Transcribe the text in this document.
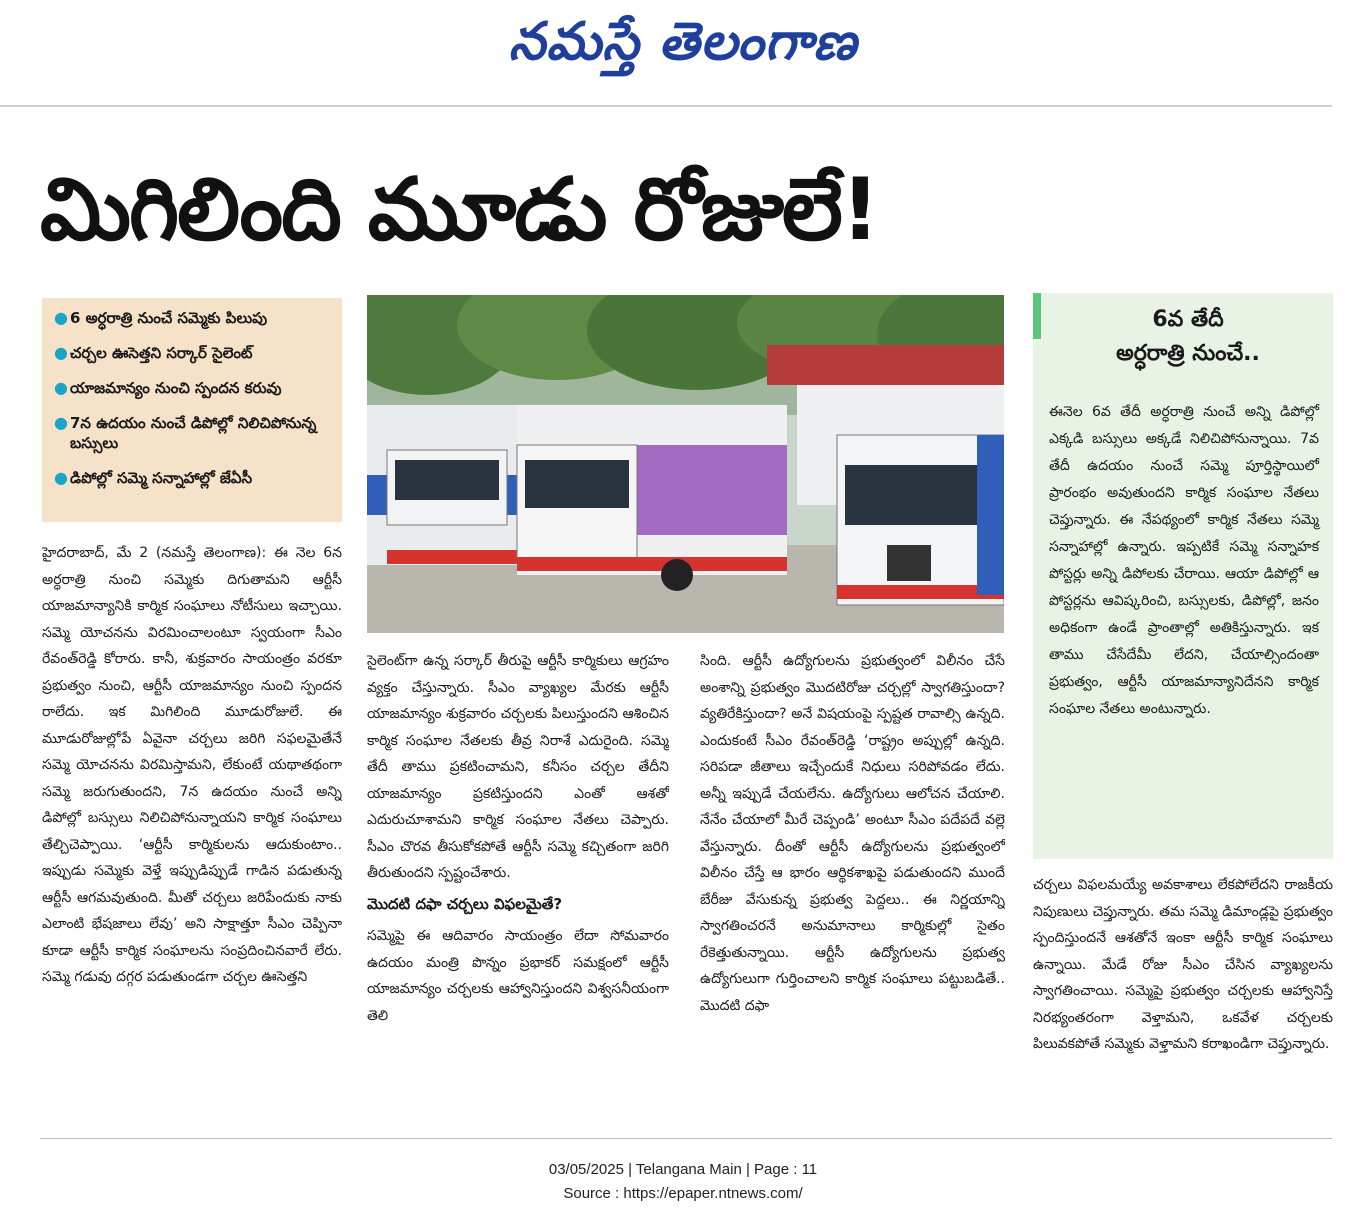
నమస్తే తెలంగాణ
మిగిలింది మూడు రోజులే!
● 6 అర్ధరాత్రి నుంచే సమ్మెకు పిలుపు
● చర్చల ఊసెత్తని సర్కార్ సైలెంట్
● యాజమాన్యం నుంచి స్పందన కరువు
● 7న ఉదయం నుంచే డిపోల్లో నిలిచిపోనున్న బస్సులు
● డిపోల్లో సమ్మె సన్నాహాల్లో జేఏసీ
6వ తేదీ
అర్ధరాత్రి నుంచే..
ఈనెల 6వ తేదీ అర్ధరాత్రి నుంచే అన్ని డిపోల్లో ఎక్కడి బస్సులు అక్కడే నిలిచిపోనున్నాయి. 7వ తేదీ ఉదయం నుంచే సమ్మె పూర్తిస్థాయిలో ప్రారంభం అవుతుందని కార్మిక సంఘాల నేతలు చెప్తున్నారు. ఈ నేపథ్యంలో కార్మిక నేతలు సమ్మె సన్నాహాల్లో ఉన్నారు. ఇప్పటికే సమ్మె సన్నాహక పోస్టర్లు అన్ని డిపోలకు చేరాయి. ఆయా డిపోల్లో ఆ పోస్టర్లను ఆవిష్కరించి, బస్సులకు, డిపోల్లో, జనం అధికంగా ఉండే ప్రాంతాల్లో అతికిస్తున్నారు. ఇక తాము చేసేదేమీ లేదని, చేయాల్సిందంతా ప్రభుత్వం, ఆర్టీసీ యాజమాన్యానిదేనని కార్మిక సంఘాల నేతలు అంటున్నారు.
హైదరాబాద్, మే 2 (నమస్తే తెలంగాణ): ఈ నెల 6న అర్ధరాత్రి నుంచి సమ్మెకు దిగుతామని ఆర్టీసీ యాజమాన్యానికి కార్మిక సంఘాలు నోటీసులు ఇచ్చాయి. సమ్మె యోచనను విరమించాలంటూ స్వయంగా సీఎం రేవంత్‌రెడ్డి కోరారు. కానీ, శుక్రవారం సాయంత్రం వరకూ ప్రభుత్వం నుంచి, ఆర్టీసీ యాజమాన్యం నుంచి స్పందన రాలేదు. ఇక మిగిలింది మూడురోజులే. ఈ మూడురోజుల్లోపే ఏవైనా చర్చలు జరిగి సఫలమైతేనే సమ్మె యోచనను విరమిస్తామని, లేకుంటే యథాతథంగా సమ్మె జరుగుతుందని, 7న ఉదయం నుంచే అన్ని డిపోల్లో బస్సులు నిలిచిపోనున్నాయని కార్మిక సంఘాలు తేల్చిచెప్పాయి. ‘ఆర్టీసీ కార్మికులను ఆదుకుంటాం.. ఇప్పుడు సమ్మెకు వెళ్తే ఇప్పుడిప్పుడే గాడిన పడుతున్న ఆర్టీసీ ఆగమవుతుంది. మీతో చర్చలు జరిపేందుకు నాకు ఎలాంటి భేషజాలు లేవు’ అని సాక్షాత్తూ సీఎం చెప్పినా కూడా ఆర్టీసీ కార్మిక సంఘాలను సంప్రదించినవారే లేరు. సమ్మె గడువు దగ్గర పడుతుండగా చర్చల ఊసెత్తని
సైలెంట్‌గా ఉన్న సర్కార్ తీరుపై ఆర్టీసీ కార్మికులు ఆగ్రహం వ్యక్తం చేస్తున్నారు. సీఎం వ్యాఖ్యల మేరకు ఆర్టీసీ యాజమాన్యం శుక్రవారం చర్చలకు పిలుస్తుందని ఆశించిన కార్మిక సంఘాల నేతలకు తీవ్ర నిరాశే ఎదురైంది. సమ్మె తేదీ తాము ప్రకటించామని, కనీసం చర్చల తేదీని యాజమాన్యం ప్రకటిస్తుందని ఎంతో ఆశతో ఎదురుచూశామని కార్మిక సంఘాల నేతలు చెప్పారు. సీఎం చొరవ తీసుకోకపోతే ఆర్టీసీ సమ్మె కచ్చితంగా జరిగి తీరుతుందని స్పష్టంచేశారు.
మొదటి దఫా చర్చలు విఫలమైతే?
సమ్మెపై ఈ ఆదివారం సాయంత్రం లేదా సోమవారం ఉదయం మంత్రి పొన్నం ప్రభాకర్ సమక్షంలో ఆర్టీసీ యాజమాన్యం చర్చలకు ఆహ్వానిస్తుందని విశ్వసనీయంగా తెలి
సింది. ఆర్టీసీ ఉద్యోగులను ప్రభుత్వంలో విలీనం చేసే అంశాన్ని ప్రభుత్వం మొదటిరోజు చర్చల్లో స్వాగతిస్తుందా? వ్యతిరేకిస్తుందా? అనే విషయంపై స్పష్టత రావాల్సి ఉన్నది. ఎందుకంటే సీఎం రేవంత్‌రెడ్డి ‘రాష్ట్రం అప్పుల్లో ఉన్నది. సరిపడా జీతాలు ఇచ్చేందుకే నిధులు సరిపోవడం లేదు. అన్నీ ఇప్పుడే చేయలేను. ఉద్యోగులు ఆలోచన చేయాలి. నేనేం చేయాలో మీరే చెప్పండి’ అంటూ సీఎం పదేపదే వల్లె వేస్తున్నారు. దీంతో ఆర్టీసీ ఉద్యోగులను ప్రభుత్వంలో విలీనం చేస్తే ఆ భారం ఆర్థికశాఖపై పడుతుందని ముందే బేరీజు వేసుకున్న ప్రభుత్వ పెద్దలు.. ఈ నిర్ణయాన్ని స్వాగతించరనే అనుమానాలు కార్మికుల్లో సైతం రేకెత్తుతున్నాయి. ఆర్టీసీ ఉద్యోగులను ప్రభుత్వ ఉద్యోగులుగా గుర్తించాలని కార్మిక సంఘాలు పట్టుబడితే.. మొదటి దఫా
చర్చలు విఫలమయ్యే అవకాశాలు లేకపోలేదని రాజకీయ నిపుణులు చెప్తున్నారు. తమ సమ్మె డిమాండ్లపై ప్రభుత్వం స్పందిస్తుందనే ఆశతోనే ఇంకా ఆర్టీసీ కార్మిక సంఘాలు ఉన్నాయి. మేడే రోజు సీఎం చేసిన వ్యాఖ్యలను స్వాగతించాయి. సమ్మెపై ప్రభుత్వం చర్చలకు ఆహ్వానిస్తే నిరభ్యంతరంగా వెళ్తామని, ఒకవేళ చర్చలకు పిలువకపోతే సమ్మెకు వెళ్తామని కరాఖండిగా చెప్తున్నారు.
03/05/2025 | Telangana Main | Page : 11
Source : https://epaper.ntnews.com/
